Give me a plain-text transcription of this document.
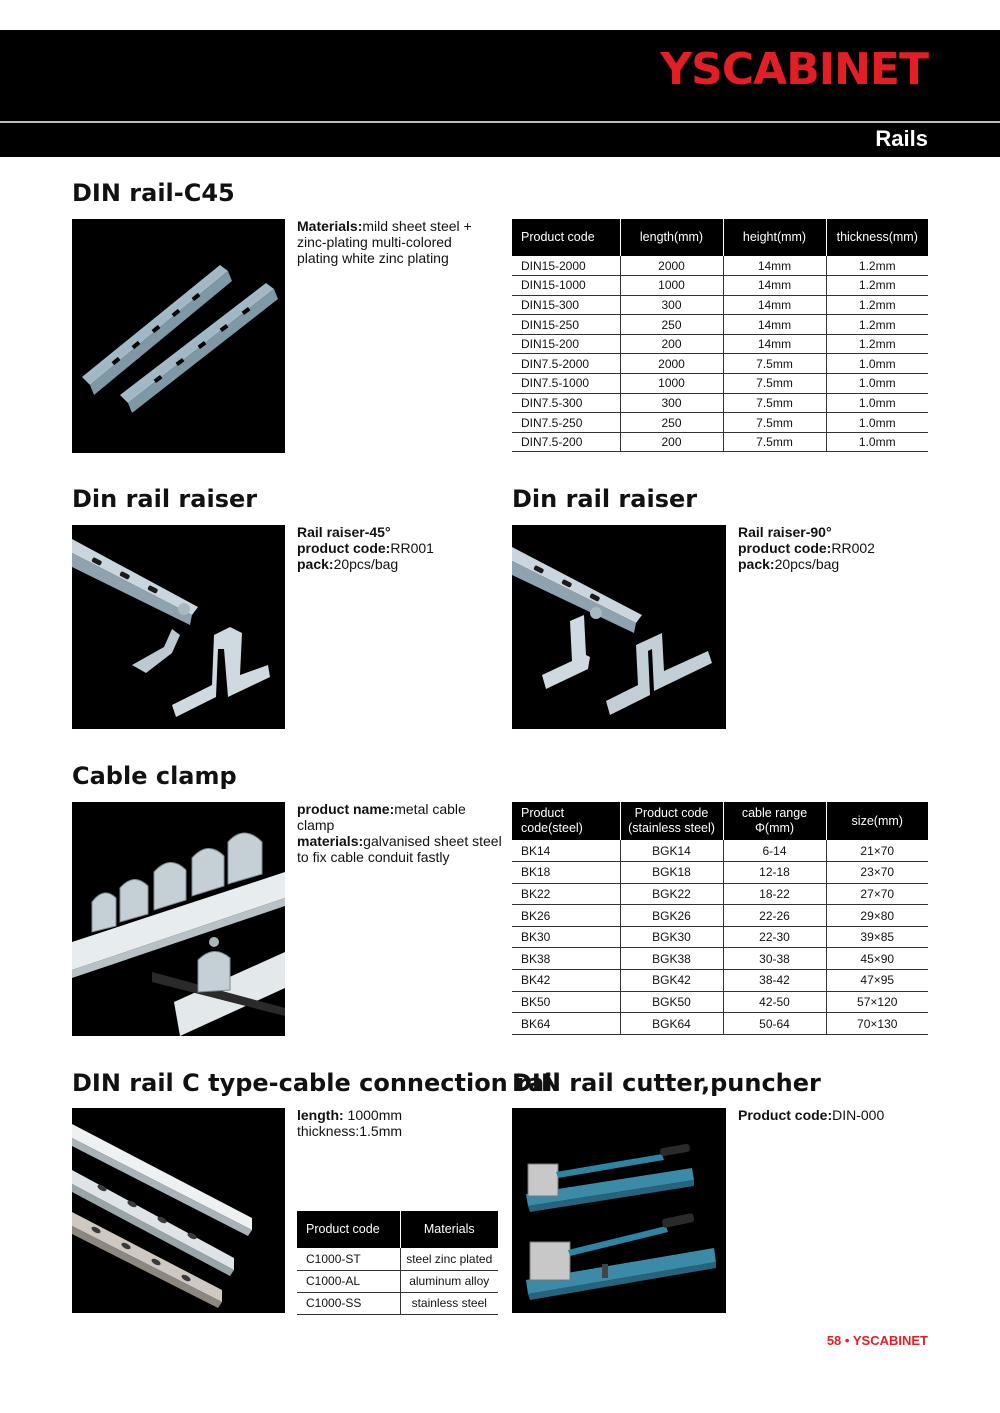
YSCABINET
Rails
DIN rail-C45
Materials:mild sheet steel + zinc-plating multi-colored plating white zinc plating
Product code	length(mm)	height(mm)	thickness(mm)
DIN15-2000	2000	14mm	1.2mm
DIN15-1000	1000	14mm	1.2mm
DIN15-300	300	14mm	1.2mm
DIN15-250	250	14mm	1.2mm
DIN15-200	200	14mm	1.2mm
DIN7.5-2000	2000	7.5mm	1.0mm
DIN7.5-1000	1000	7.5mm	1.0mm
DIN7.5-300	300	7.5mm	1.0mm
DIN7.5-250	250	7.5mm	1.0mm
DIN7.5-200	200	7.5mm	1.0mm
Din rail raiser
Rail raiser-45°
product code:RR001
pack:20pcs/bag
Din rail raiser
Rail raiser-90°
product code:RR002
pack:20pcs/bag
Cable clamp
product name:metal cable clamp
materials:galvanised sheet steel
to fix cable conduit fastly
Product code(steel)	Product code (stainless steel)	cable range Φ(mm)	size(mm)
BK14	BGK14	6-14	21×70
BK18	BGK18	12-18	23×70
BK22	BGK22	18-22	27×70
BK26	BGK26	22-26	29×80
BK30	BGK30	22-30	39×85
BK38	BGK38	30-38	45×90
BK42	BGK42	38-42	47×95
BK50	BGK50	42-50	57×120
BK64	BGK64	50-64	70×130
DIN rail C type-cable connection rail
length: 1000mm
thickness:1.5mm
Product code	Materials
C1000-ST	steel zinc plated
C1000-AL	aluminum alloy
C1000-SS	stainless steel
DIN rail cutter,puncher
Product code:DIN-000
58 • YSCABINET
